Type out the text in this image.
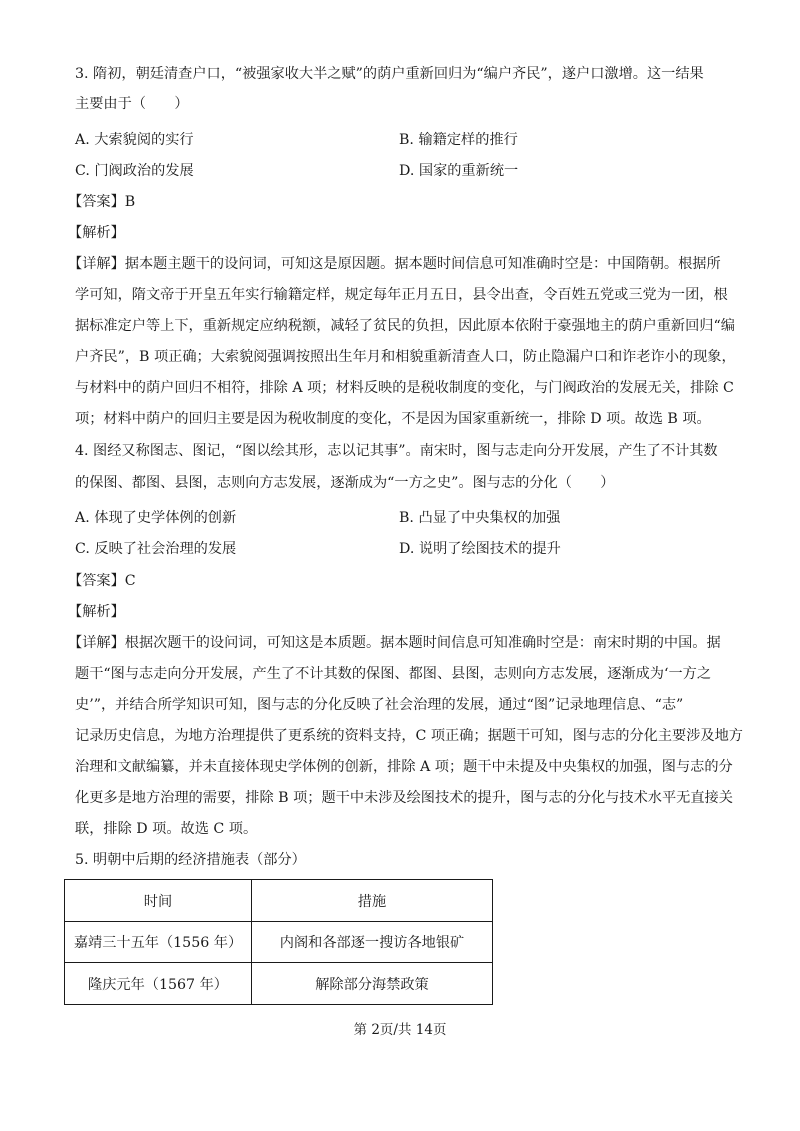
3. 隋初，朝廷清查户口，“被强家收大半之赋”的荫户重新回归为“编户齐民”，遂户口激增。这一结果
主要由于（　　）
A. 大索貌阅的实行	B. 输籍定样的推行
C. 门阀政治的发展	D. 国家的重新统一
【答案】B
【解析】
【详解】据本题主题干的设问词，可知这是原因题。据本题时间信息可知准确时空是：中国隋朝。根据所
学可知，隋文帝于开皇五年实行输籍定样，规定每年正月五日，县令出查，令百姓五党或三党为一团，根
据标准定户等上下，重新规定应纳税额，减轻了贫民的负担，因此原本依附于豪强地主的荫户重新回归“编
户齐民”，B 项正确；大索貌阅强调按照出生年月和相貌重新清查人口，防止隐漏户口和诈老诈小的现象，
与材料中的荫户回归不相符，排除 A 项；材料反映的是税收制度的变化，与门阀政治的发展无关，排除 C
项；材料中荫户的回归主要是因为税收制度的变化，不是因为国家重新统一，排除 D 项。故选 B 项。
4. 图经又称图志、图记，“图以绘其形，志以记其事”。南宋时，图与志走向分开发展，产生了不计其数
的保图、都图、县图，志则向方志发展，逐渐成为“一方之史”。图与志的分化（　　）
A. 体现了史学体例的创新	B. 凸显了中央集权的加强
C. 反映了社会治理的发展	D. 说明了绘图技术的提升
【答案】C
【解析】
【详解】根据次题干的设问词，可知这是本质题。据本题时间信息可知准确时空是：南宋时期的中国。据
题干“图与志走向分开发展，产生了不计其数的保图、都图、县图，志则向方志发展，逐渐成为‘一方之
史’”，并结合所学知识可知，图与志的分化反映了社会治理的发展，通过“图”记录地理信息、“志”
记录历史信息，为地方治理提供了更系统的资料支持，C 项正确；据题干可知，图与志的分化主要涉及地方
治理和文献编纂，并未直接体现史学体例的创新，排除 A 项；题干中未提及中央集权的加强，图与志的分
化更多是地方治理的需要，排除 B 项；题干中未涉及绘图技术的提升，图与志的分化与技术水平无直接关
联，排除 D 项。故选 C 项。
5. 明朝中后期的经济措施表（部分）
时间	措施
嘉靖三十五年（1556 年）	内阁和各部逐一搜访各地银矿
隆庆元年（1567 年）	解除部分海禁政策
第 2页/共 14页
